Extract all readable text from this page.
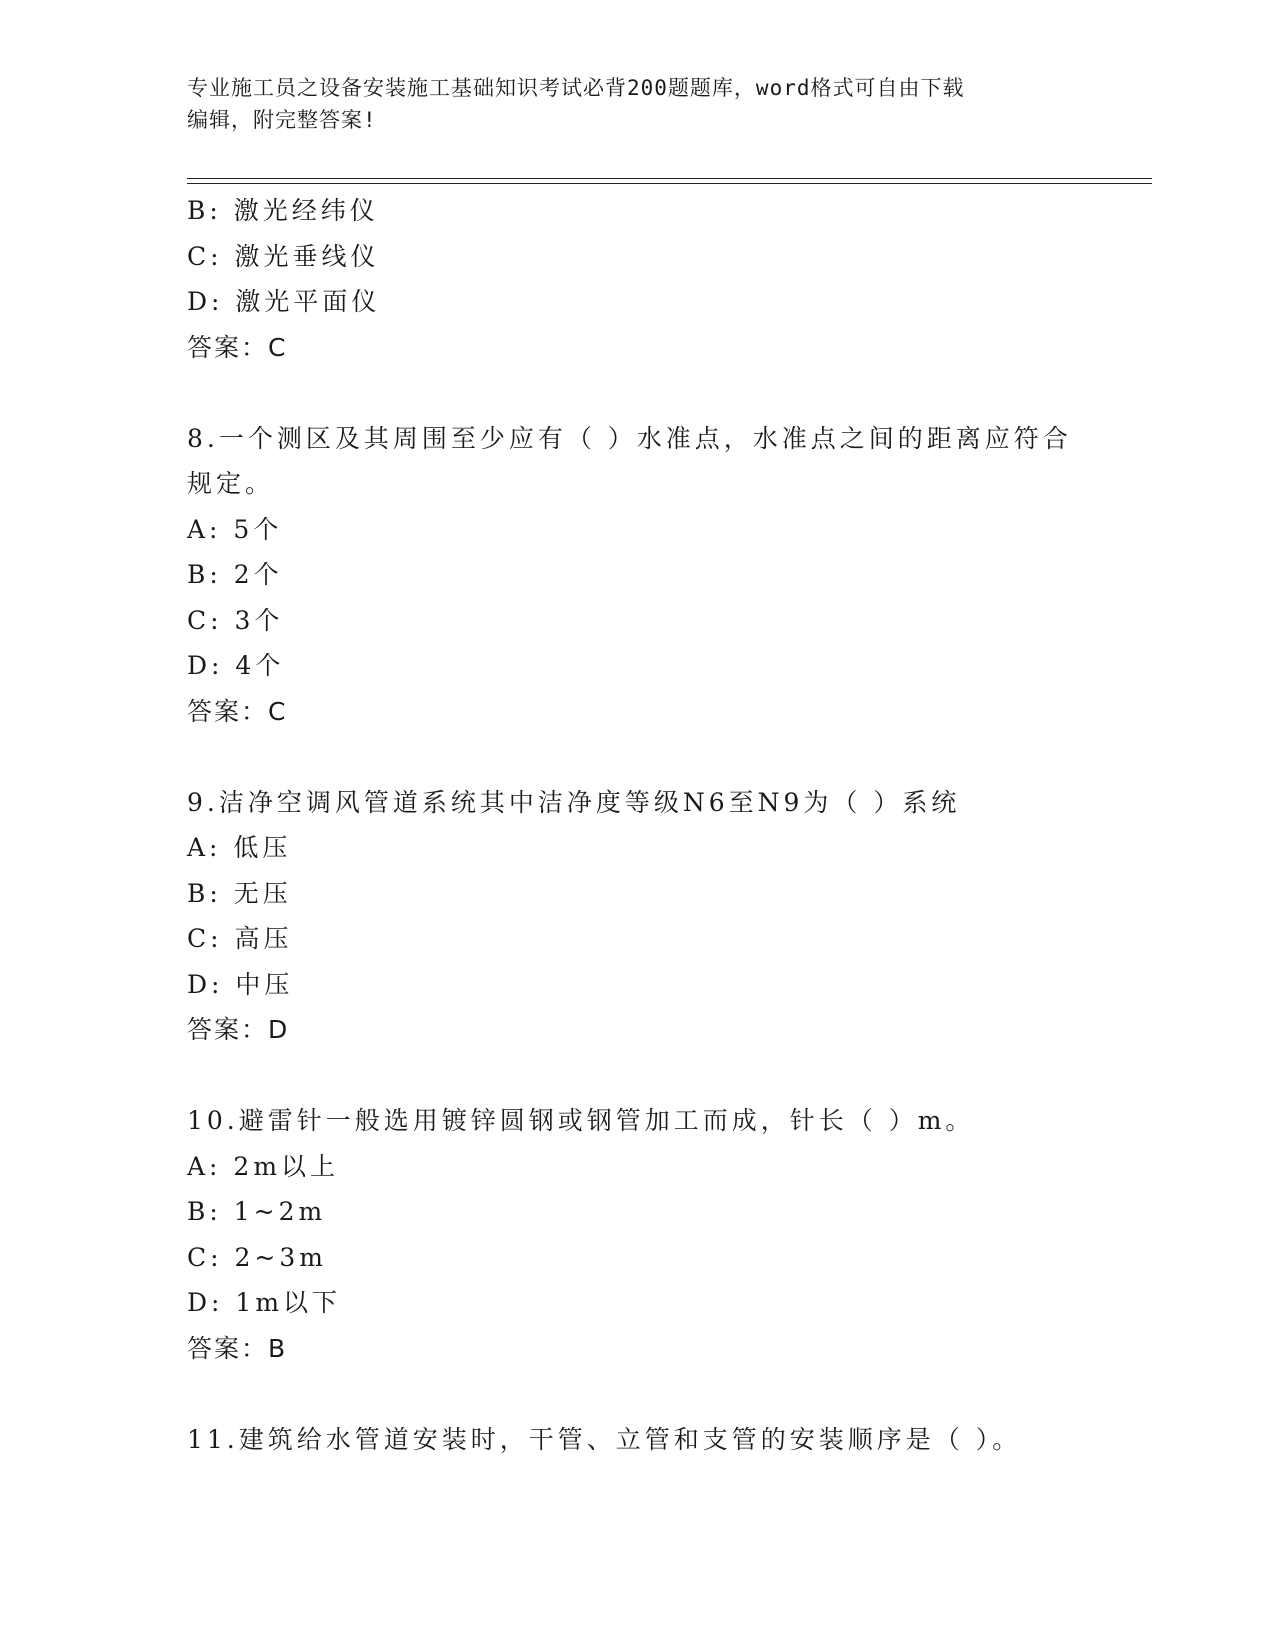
专业施工员之设备安装施工基础知识考试必背200题题库，word格式可自由下载
编辑，附完整答案!
B: 激光经纬仪
C: 激光垂线仪
D: 激光平面仪
答案：C
8.一个测区及其周围至少应有（ ）水准点，水准点之间的距离应符合
规定。
A: 5个
B: 2个
C: 3个
D: 4个
答案：C
9.洁净空调风管道系统其中洁净度等级N6至N9为（ ）系统
A: 低压
B: 无压
C: 高压
D: 中压
答案：D
10.避雷针一般选用镀锌圆钢或钢管加工而成，针长（ ）m。
A: 2m以上
B: 1~2m
C: 2~3m
D: 1m以下
答案：B
11.建筑给水管道安装时，干管、立管和支管的安装顺序是（ ）。
